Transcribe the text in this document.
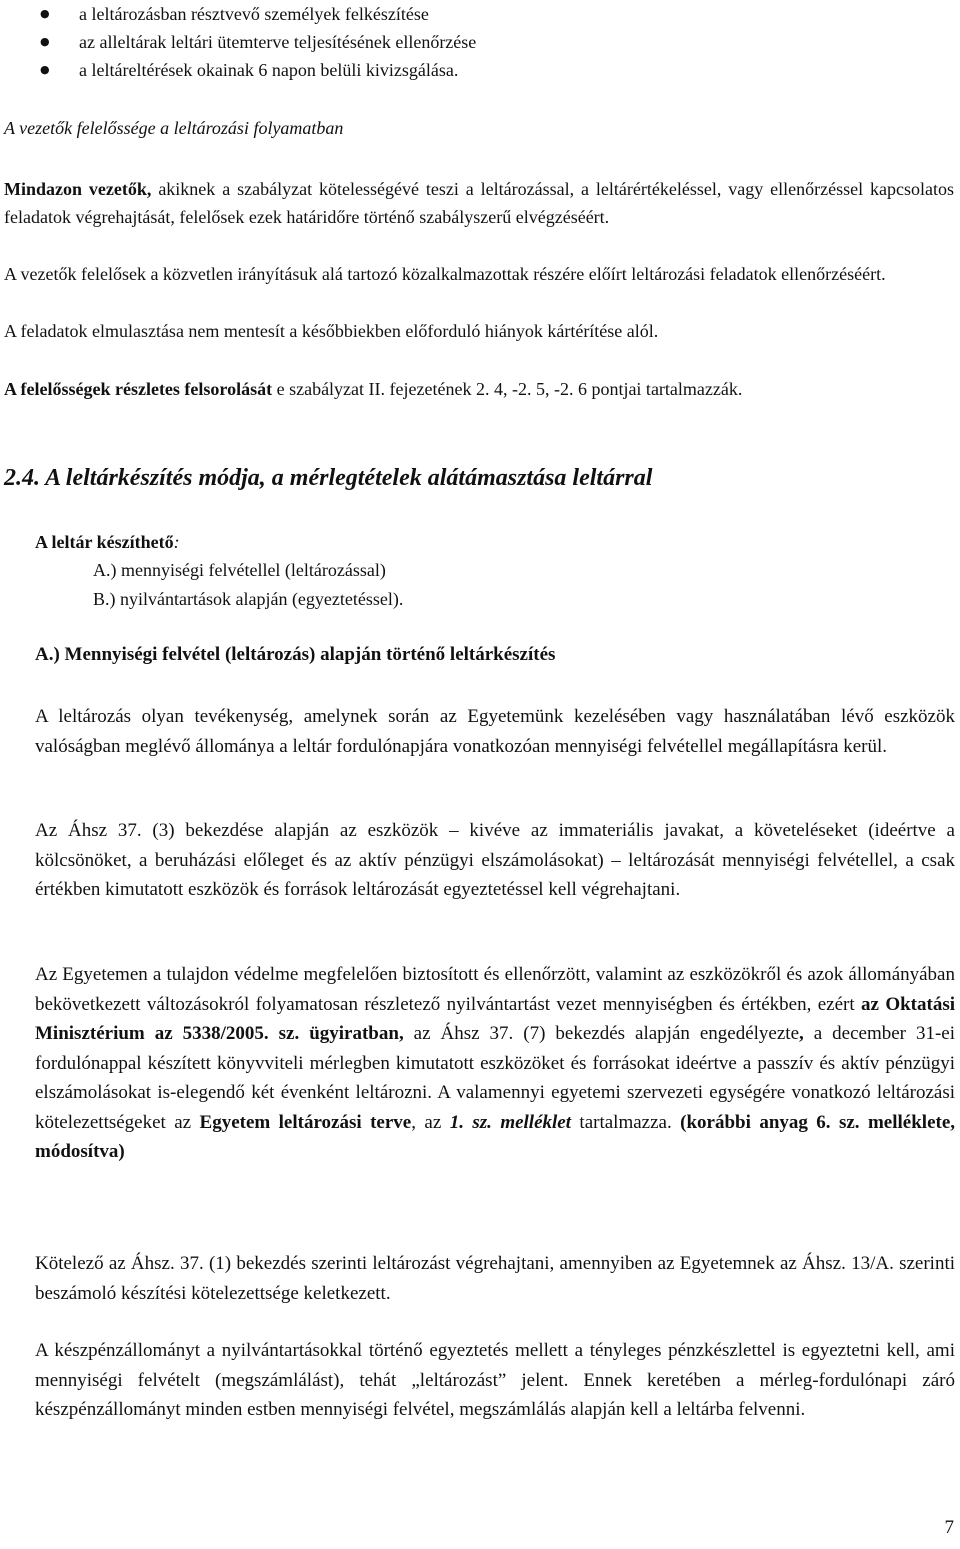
● a leltározásban résztvevő személyek felkészítése
● az alleltárak leltári ütemterve teljesítésének ellenőrzése
● a leltáreltérések okainak 6 napon belüli kivizsgálása.

A vezetők felelőssége a leltározási folyamatban

Mindazon vezetők, akiknek a szabályzat kötelességévé teszi a leltározással, a leltárértékeléssel, vagy ellenőrzéssel kapcsolatos feladatok végrehajtását, felelősek ezek határidőre történő szabályszerű elvégzéséért.

A vezetők felelősek a közvetlen irányításuk alá tartozó közalkalmazottak részére előírt leltározási feladatok ellenőrzéséért.

A feladatok elmulasztása nem mentesít a későbbiekben előforduló hiányok kártérítése alól.

A felelősségek részletes felsorolását e szabályzat II. fejezetének 2. 4, -2. 5, -2. 6 pontjai tartalmazzák.

2.4. A leltárkészítés módja, a mérlegtételek alátámasztása leltárral

A leltár készíthető:

A.) mennyiségi felvétellel (leltározással)

B.) nyilvántartások alapján (egyeztetéssel).

A.) Mennyiségi felvétel (leltározás) alapján történő leltárkészítés

A leltározás olyan tevékenység, amelynek során az Egyetemünk kezelésében vagy használatában lévő eszközök valóságban meglévő állománya a leltár fordulónapjára vonatkozóan mennyiségi felvétellel megállapításra kerül.

Az Áhsz 37. (3) bekezdése alapján az eszközök – kivéve az immateriális javakat, a követeléseket (ideértve a kölcsönöket, a beruházási előleget és az aktív pénzügyi elszámolásokat) – leltározását mennyiségi felvétellel, a csak értékben kimutatott eszközök és források leltározását egyeztetéssel kell végrehajtani.

Az Egyetemen a tulajdon védelme megfelelően biztosított és ellenőrzött, valamint az eszközökről és azok állományában bekövetkezett változásokról folyamatosan részletező nyilvántartást vezet mennyiségben és értékben, ezért az Oktatási Minisztérium az 5338/2005. sz. ügyiratban, az Áhsz 37. (7) bekezdés alapján engedélyezte, a december 31-ei fordulónappal készített könyvviteli mérlegben kimutatott eszközöket és forrásokat ideértve a passzív és aktív pénzügyi elszámolásokat is-elegendő két évenként leltározni. A valamennyi egyetemi szervezeti egységére vonatkozó leltározási kötelezettségeket az Egyetem leltározási terve, az 1. sz. melléklet tartalmazza. (korábbi anyag 6. sz. melléklete, módosítva)

Kötelező az Áhsz. 37. (1) bekezdés szerinti leltározást végrehajtani, amennyiben az Egyetemnek az Áhsz. 13/A. szerinti beszámoló készítési kötelezettsége keletkezett.

A készpénzállományt a nyilvántartásokkal történő egyeztetés mellett a tényleges pénzkészlettel is egyeztetni kell, ami mennyiségi felvételt (megszámlálást), tehát „leltározást” jelent. Ennek keretében a mérleg-fordulónapi záró készpénzállományt minden estben mennyiségi felvétel, megszámlálás alapján kell a leltárba felvenni.

7
